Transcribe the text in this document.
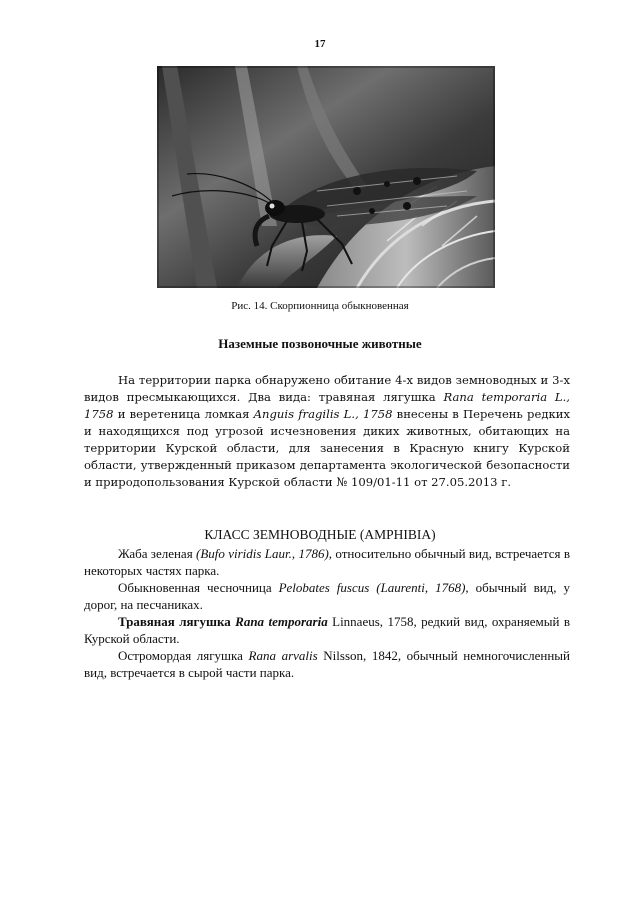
17
Рис. 14. Скорпионница обыкновенная
Наземные позвоночные животные
На территории парка обнаружено обитание 4-х видов земноводных и 3-х видов пресмыкающихся. Два вида: травяная лягушка Rana temporaria L., 1758 и веретеница ломкая Anguis fragilis L., 1758 внесены в Перечень редких и находящихся под угрозой исчезновения диких животных, обитающих на территории Курской области, для занесения в Красную книгу Курской области, утвержденный приказом департамента экологической безопасности и природопользования Курской области № 109/01-11 от 27.05.2013 г.
КЛАСС ЗЕМНОВОДНЫЕ (AMPHIBIA)

Жаба зеленая (Bufo viridis Laur., 1786), относительно обычный вид, встречается в некоторых частях парка.

Обыкновенная чесночница Pelobates fuscus (Laurenti, 1768), обычный вид, у дорог, на песчаниках.

Травяная лягушка Rana temporaria Linnaeus, 1758, редкий вид, охраняемый в Курской области.

Остромордая лягушка Rana arvalis Nilsson, 1842, обычный немногочисленный вид, встречается в сырой части парка.
